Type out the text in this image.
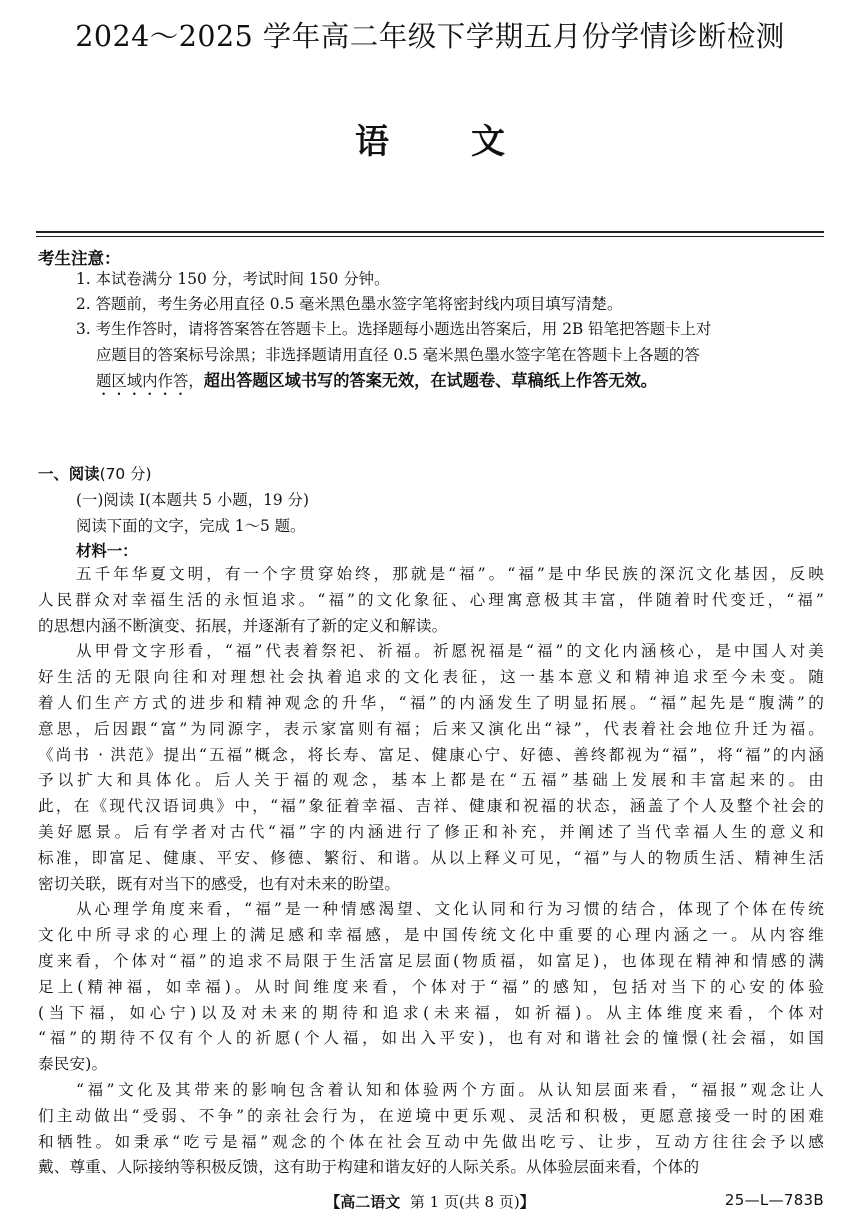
2024～2025 学年高二年级下学期五月份学情诊断检测
语 文
考生注意：
1. 本试卷满分 150 分，考试时间 150 分钟。
2. 答题前，考生务必用直径 0.5 毫米黑色墨水签字笔将密封线内项目填写清楚。
3. 考生作答时，请将答案答在答题卡上。选择题每小题选出答案后，用 2B 铅笔把答题卡上对
应题目的答案标号涂黑；非选择题请用直径 0.5 毫米黑色墨水签字笔在答题卡上各题的答
题区域内作答，超出答题区域书写的答案无效，在试题卷、草稿纸上作答无效。
一、阅读(70 分)
(一)阅读 I(本题共 5 小题，19 分)
阅读下面的文字，完成 1～5 题。
材料一：
五千年华夏文明，有一个字贯穿始终，那就是“福”。“福”是中华民族的深沉文化基因，反映
人民群众对幸福生活的永恒追求。“福”的文化象征、心理寓意极其丰富，伴随着时代变迁，“福”
的思想内涵不断演变、拓展，并逐渐有了新的定义和解读。
从甲骨文字形看，“福”代表着祭祀、祈福。祈愿祝福是“福”的文化内涵核心，是中国人对美
好生活的无限向往和对理想社会执着追求的文化表征，这一基本意义和精神追求至今未变。随
着人们生产方式的进步和精神观念的升华，“福”的内涵发生了明显拓展。“福”起先是“腹满”的
意思，后因跟“富”为同源字，表示家富则有福；后来又演化出“禄”，代表着社会地位升迁为福。
《尚书 · 洪范》提出“五福”概念，将长寿、富足、健康心宁、好德、善终都视为“福”，将“福”的内涵
予以扩大和具体化。后人关于福的观念，基本上都是在“五福”基础上发展和丰富起来的。由
此，在《现代汉语词典》中，“福”象征着幸福、吉祥、健康和祝福的状态，涵盖了个人及整个社会的
美好愿景。后有学者对古代“福”字的内涵进行了修正和补充，并阐述了当代幸福人生的意义和
标准，即富足、健康、平安、修德、繁衍、和谐。从以上释义可见，“福”与人的物质生活、精神生活
密切关联，既有对当下的感受，也有对未来的盼望。
从心理学角度来看，“福”是一种情感渴望、文化认同和行为习惯的结合，体现了个体在传统
文化中所寻求的心理上的满足感和幸福感，是中国传统文化中重要的心理内涵之一。从内容维
度来看，个体对“福”的追求不局限于生活富足层面(物质福，如富足)，也体现在精神和情感的满
足上(精神福，如幸福)。从时间维度来看，个体对于“福”的感知，包括对当下的心安的体验
(当下福，如心宁)以及对未来的期待和追求(未来福，如祈福)。从主体维度来看，个体对
“福”的期待不仅有个人的祈愿(个人福，如出入平安)，也有对和谐社会的憧憬(社会福，如国
泰民安)。
“福”文化及其带来的影响包含着认知和体验两个方面。从认知层面来看，“福报”观念让人
们主动做出“受弱、不争”的亲社会行为，在逆境中更乐观、灵活和积极，更愿意接受一时的困难
和牺牲。如秉承“吃亏是福”观念的个体在社会互动中先做出吃亏、让步，互动方往往会予以感
戴、尊重、人际接纳等积极反馈，这有助于构建和谐友好的人际关系。从体验层面来看，个体的
【高二语文 第 1 页(共 8 页)】	25—L—783B
